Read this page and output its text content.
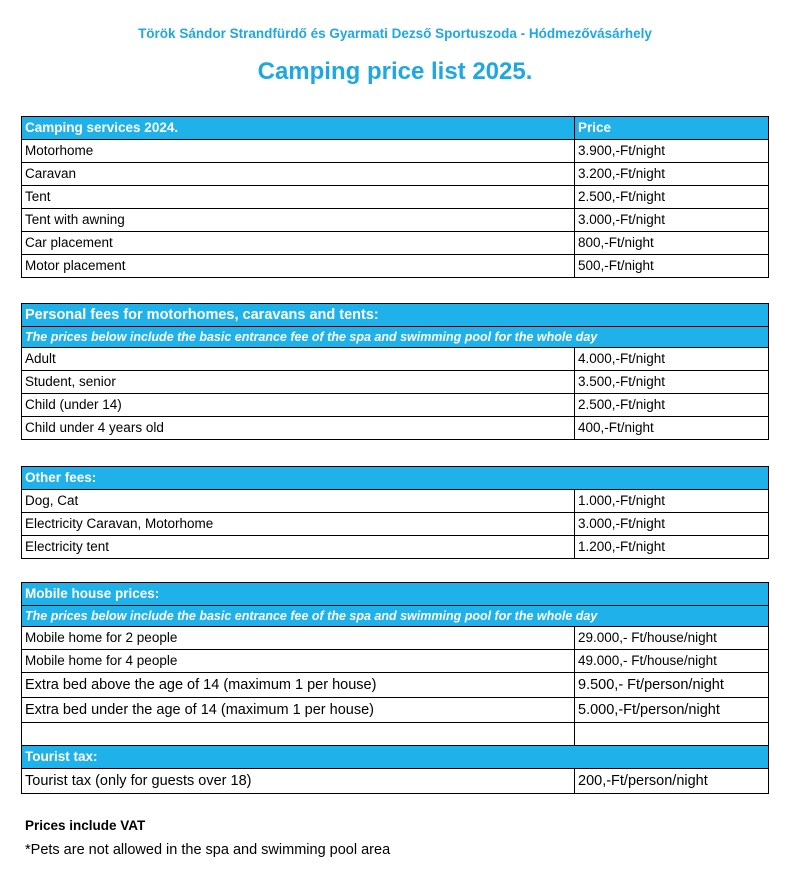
Török Sándor Strandfürdő és Gyarmati Dezső Sportuszoda - Hódmezővásárhely
Camping price list 2025.
Camping services 2024.	Price
Motorhome	3.900,-Ft/night
Caravan	3.200,-Ft/night
Tent	2.500,-Ft/night
Tent with awning	3.000,-Ft/night
Car placement	800,-Ft/night
Motor placement	500,-Ft/night
Personal fees for motorhomes, caravans and tents:	
The prices below include the basic entrance fee of the spa and swimming pool for the whole day	
Adult	4.000,-Ft/night
Student, senior	3.500,-Ft/night
Child (under 14)	2.500,-Ft/night
Child under 4 years old	400,-Ft/night
Other fees:	
Dog, Cat	1.000,-Ft/night
Electricity Caravan, Motorhome	3.000,-Ft/night
Electricity tent	1.200,-Ft/night
Mobile house prices:	
The prices below include the basic entrance fee of the spa and swimming pool for the whole day	
Mobile home for 2 people	29.000,- Ft/house/night
Mobile home for 4 people	49.000,- Ft/house/night
Extra bed above the age of 14 (maximum 1 per house)	9.500,- Ft/person/night
Extra bed under the age of 14 (maximum 1 per house)	5.000,-Ft/person/night

Tourist tax:	
Tourist tax (only for guests over 18)	200,-Ft/person/night
Prices include VAT
*Pets are not allowed in the spa and swimming pool area
